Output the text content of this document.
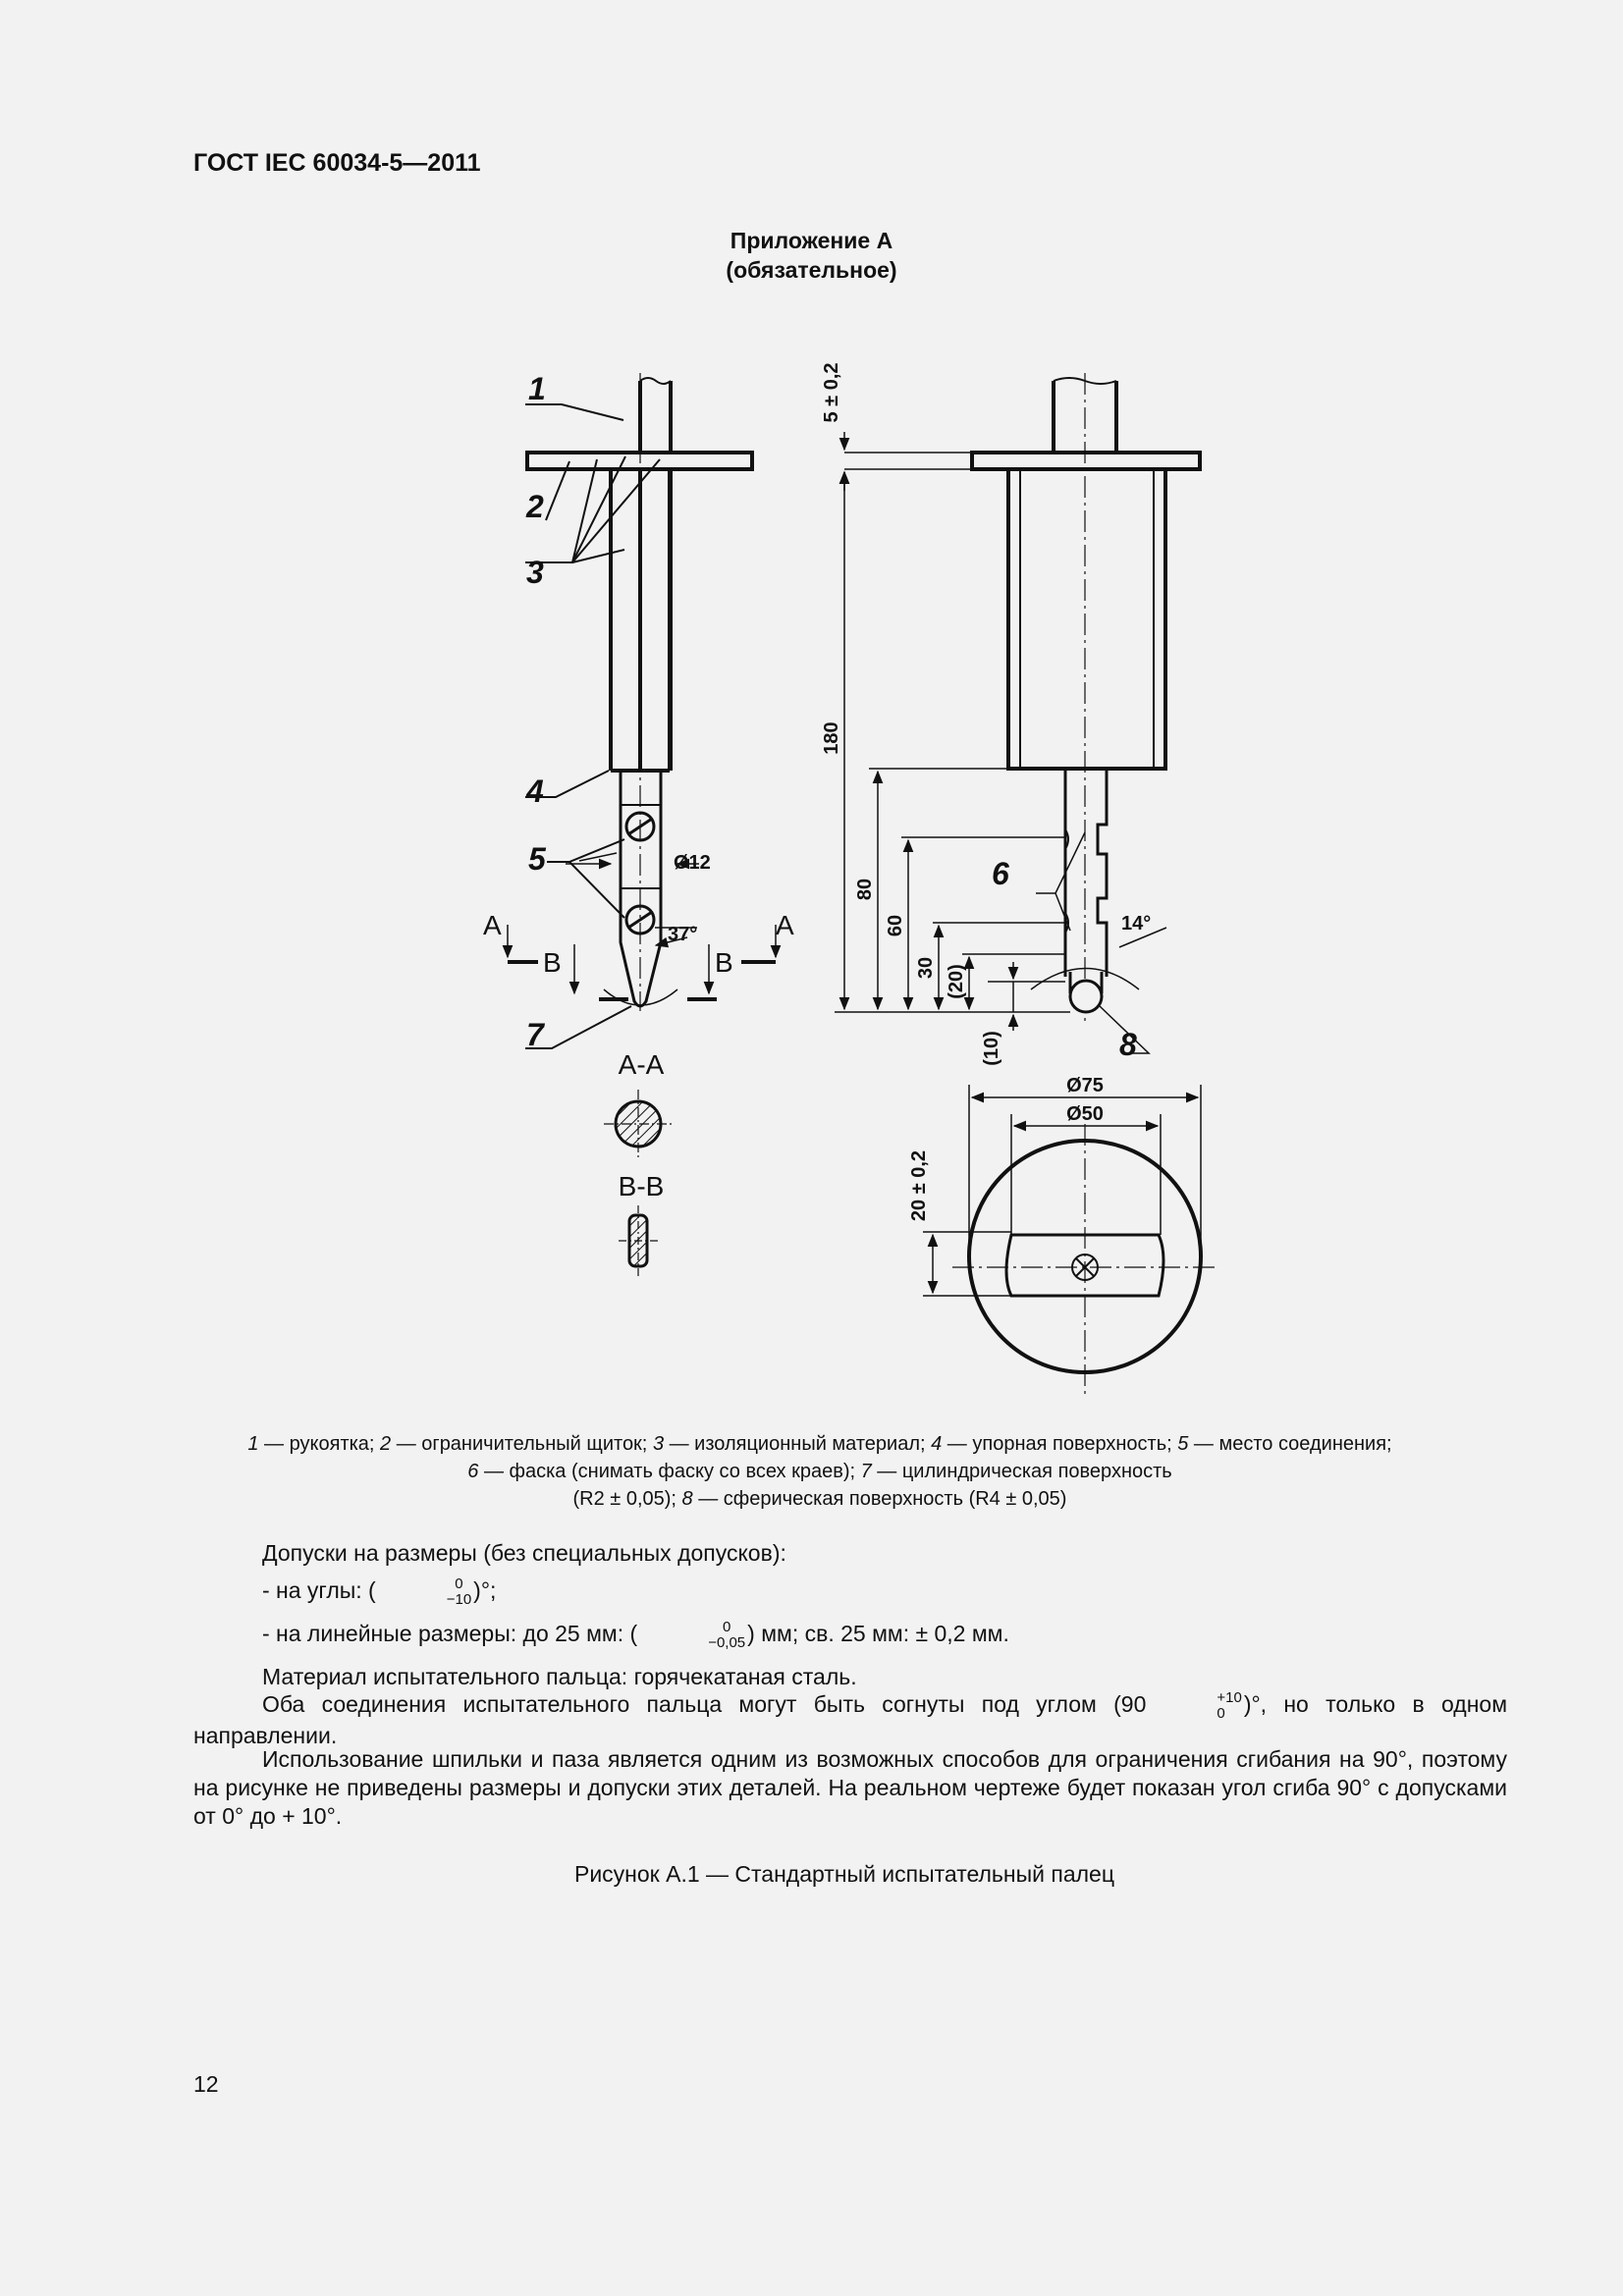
ГОСТ IEC 60034-5—2011
Приложение А
(обязательное)
1
2
3
4
5	6
7	8
A	A
B	B
Ø12
37°	14°
5 ± 0,2
180
80
60
30 (20)
(10)
Ø75
Ø50
20 ± 0,2
A-A
B-B
1 — рукоятка; 2 — ограничительный щиток; 3 — изоляционный материал; 4 — упорная поверхность; 5 — место соединения;
6 — фаска (снимать фаску со всех краев); 7 — цилиндрическая поверхность
(R2 ± 0,05); 8 — сферическая поверхность (R4 ± 0,05)
Допуски на размеры (без специальных допусков):
- на углы: (	0
−10 )°;
- на линейные размеры: до 25 мм: (	0
−0,05 ) мм; св. 25 мм: ± 0,2 мм.
Материал испытательного пальца: горячекатаная сталь.
Оба соединения испытательного пальца могут быть согнуты под углом (90	+10
0 )°, но только в одном направлении.
Использование шпильки и паза является одним из возможных способов для ограничения сгибания на 90°, поэтому на рисунке не приведены размеры и допуски этих деталей. На реальном чертеже будет показан угол сгиба 90° с допусками от 0° до + 10°.
Рисунок А.1 — Стандартный испытательный палец
12
